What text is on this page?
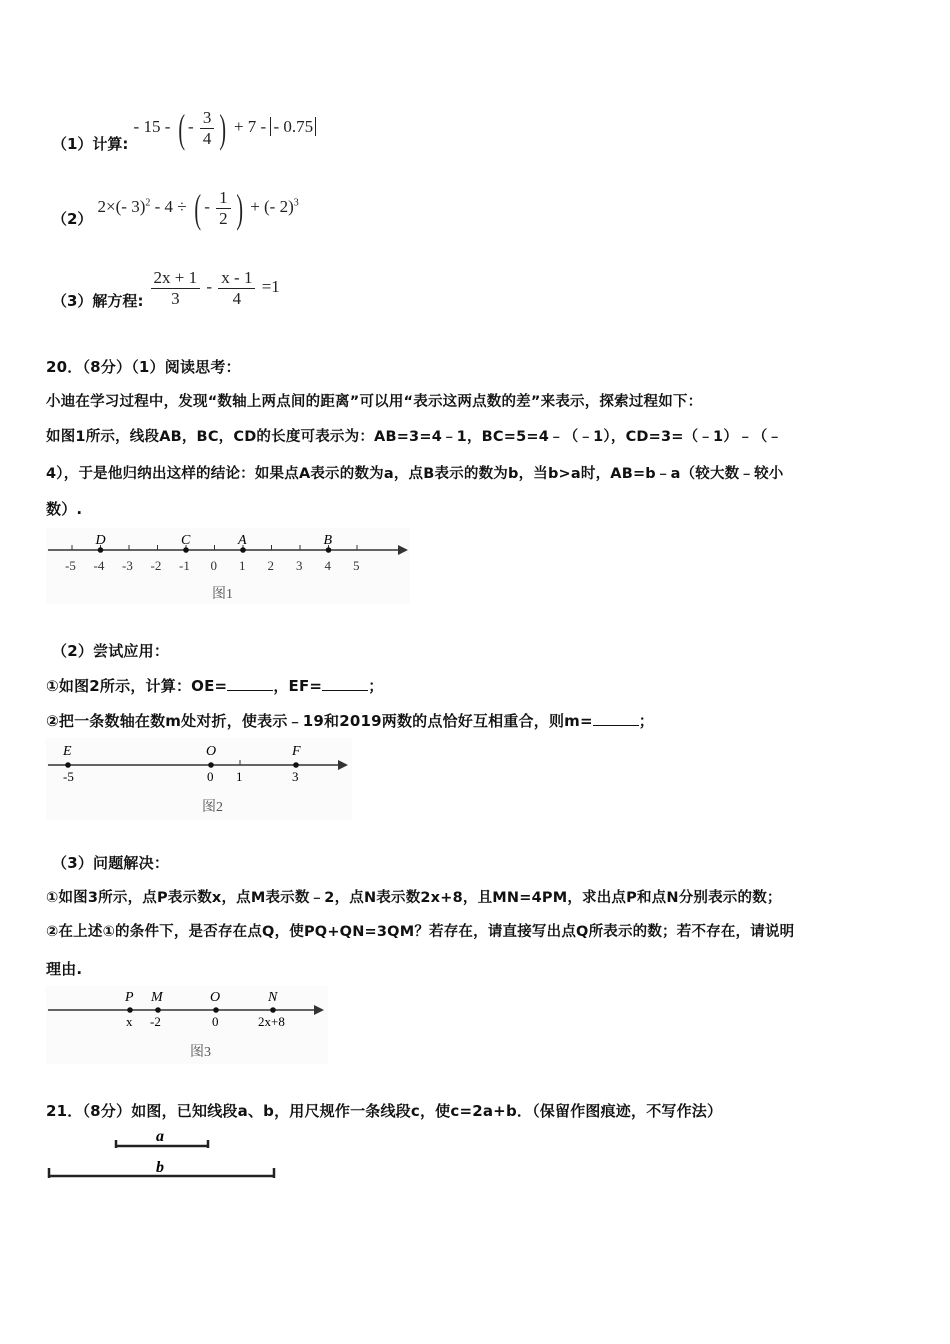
（1）计算: - 15 - ( - $\frac{3}{4}$ ) + 7 - - 0.75
（2） 2×(- 3)$^2$ - 4 ÷ ( - $\frac{1}{2}$ ) + (- 2)$^3$
（3）解方程: $\frac{2x + 1}{3} - \frac{x - 1}{4} =1$
20．（8分）（1）阅读思考：
小迪在学习过程中，发现“数轴上两点间的距离”可以用“表示这两点数的差”来表示，探索过程如下：
如图1所示，线段AB，BC，CD的长度可表示为：AB=3=4﹣1，BC=5=4﹣（﹣1），CD=3=（﹣1）﹣（﹣
4），于是他归纳出这样的结论：如果点A表示的数为a，点B表示的数为b，当b>a时，AB=b﹣a（较大数﹣较小
数）.
-5 -4 -3 -2 -1 0 1 2 3 4 5
D	C	A	B
图1
（2）尝试应用：
①如图2所示，计算：OE=	，EF=	；
②把一条数轴在数m处对折，使表示﹣19和2019两数的点恰好互相重合，则m=	；
E
-5
O
0 1
F
3
图2
（3）问题解决：
①如图3所示，点P表示数x，点M表示数﹣2，点N表示数2x+8，且MN=4PM，求出点P和点N分别表示的数；
②在上述①的条件下，是否存在点Q，使PQ+QN=3QM？若存在，请直接写出点Q所表示的数；若不存在，请说明
理由.
P
x
M
-2
O
0
N
2x+8
图3
21．（8分）如图，已知线段a、b，用尺规作一条线段c，使c=2a+b．（保留作图痕迹，不写作法）
a
b
